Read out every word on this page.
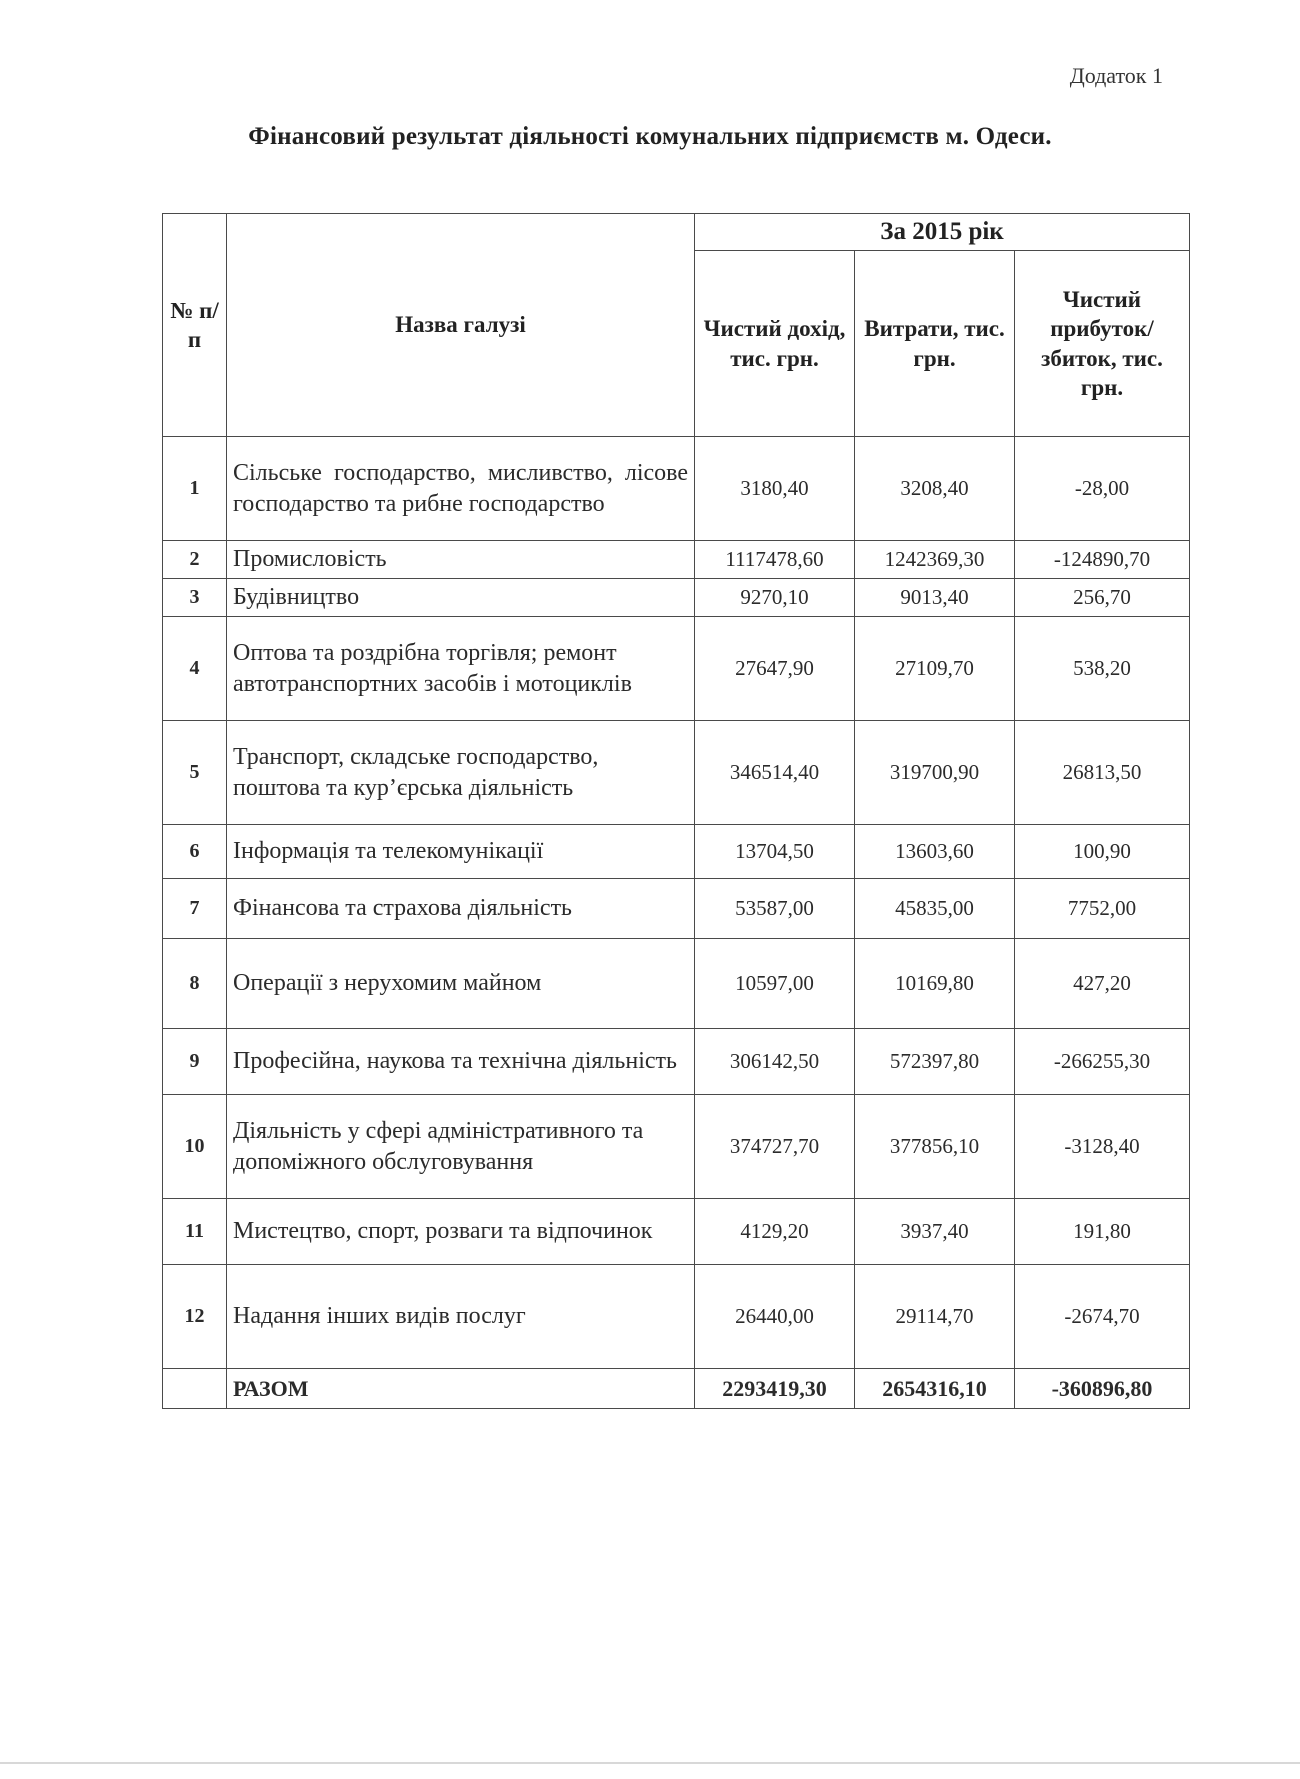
Додаток 1
Фінансовий результат діяльності комунальних підприємств м. Одеси.
№ п/п	Назва галузі	За 2015 рік		
		Чистий дохід, тис. грн.	Витрати, тис. грн.	Чистий прибуток/ збиток, тис. грн.
1	Сільське господарство, мисливство, лісове господарство та рибне господарство	3180,40	3208,40	-28,00
2	Промисловість	1117478,60	1242369,30	-124890,70
3	Будівництво	9270,10	9013,40	256,70
4	Оптова та роздрібна торгівля; ремонт автотранспортних засобів і мотоциклів	27647,90	27109,70	538,20
5	Транспорт, складське господарство, поштова та кур’єрська діяльність	346514,40	319700,90	26813,50
6	Інформація та телекомунікації	13704,50	13603,60	100,90
7	Фінансова та страхова діяльність	53587,00	45835,00	7752,00
8	Операції з нерухомим майном	10597,00	10169,80	427,20
9	Професійна, наукова та технічна діяльність	306142,50	572397,80	-266255,30
10	Діяльність у сфері адміністративного та допоміжного обслуговування	374727,70	377856,10	-3128,40
11	Мистецтво, спорт, розваги та відпочинок	4129,20	3937,40	191,80
12	Надання інших видів послуг	26440,00	29114,70	-2674,70
	РАЗОМ	2293419,30	2654316,10	-360896,80
